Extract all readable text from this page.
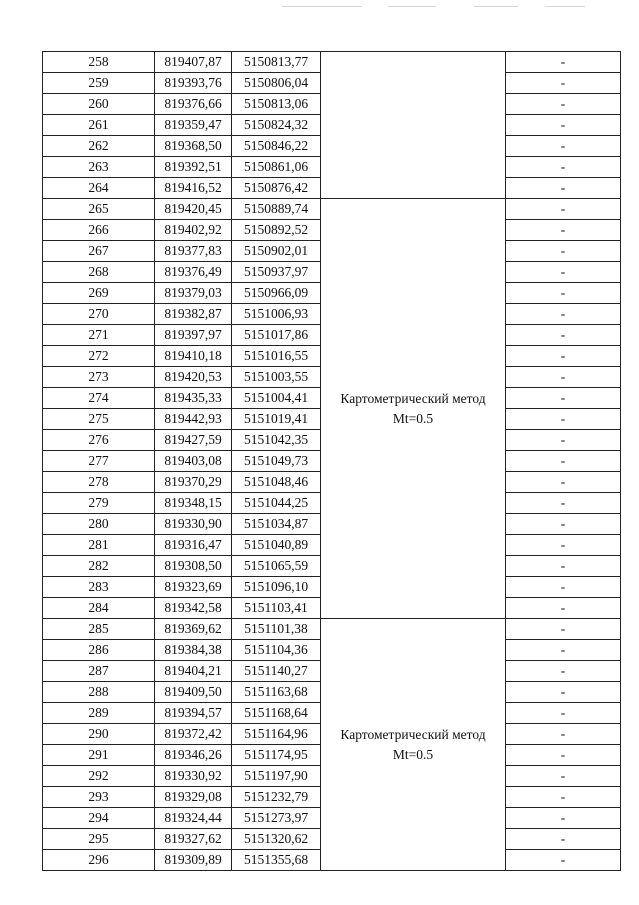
258	819407,87	5150813,77		-
259	819393,76	5150806,04		-
260	819376,66	5150813,06		-
261	819359,47	5150824,32		-
262	819368,50	5150846,22		-
263	819392,51	5150861,06		-
264	819416,52	5150876,42		-
265	819420,45	5150889,74	Картометрический метод
Mt=0.5	-
266	819402,92	5150892,52		-
267	819377,83	5150902,01		-
268	819376,49	5150937,97		-
269	819379,03	5150966,09		-
270	819382,87	5151006,93		-
271	819397,97	5151017,86		-
272	819410,18	5151016,55		-
273	819420,53	5151003,55		-
274	819435,33	5151004,41		-
275	819442,93	5151019,41		-
276	819427,59	5151042,35		-
277	819403,08	5151049,73		-
278	819370,29	5151048,46		-
279	819348,15	5151044,25		-
280	819330,90	5151034,87		-
281	819316,47	5151040,89		-
282	819308,50	5151065,59		-
283	819323,69	5151096,10		-
284	819342,58	5151103,41		-
285	819369,62	5151101,38	Картометрический метод
Mt=0.5	-
286	819384,38	5151104,36		-
287	819404,21	5151140,27		-
288	819409,50	5151163,68		-
289	819394,57	5151168,64		-
290	819372,42	5151164,96		-
291	819346,26	5151174,95		-
292	819330,92	5151197,90		-
293	819329,08	5151232,79		-
294	819324,44	5151273,97		-
295	819327,62	5151320,62		-
296	819309,89	5151355,68		-
